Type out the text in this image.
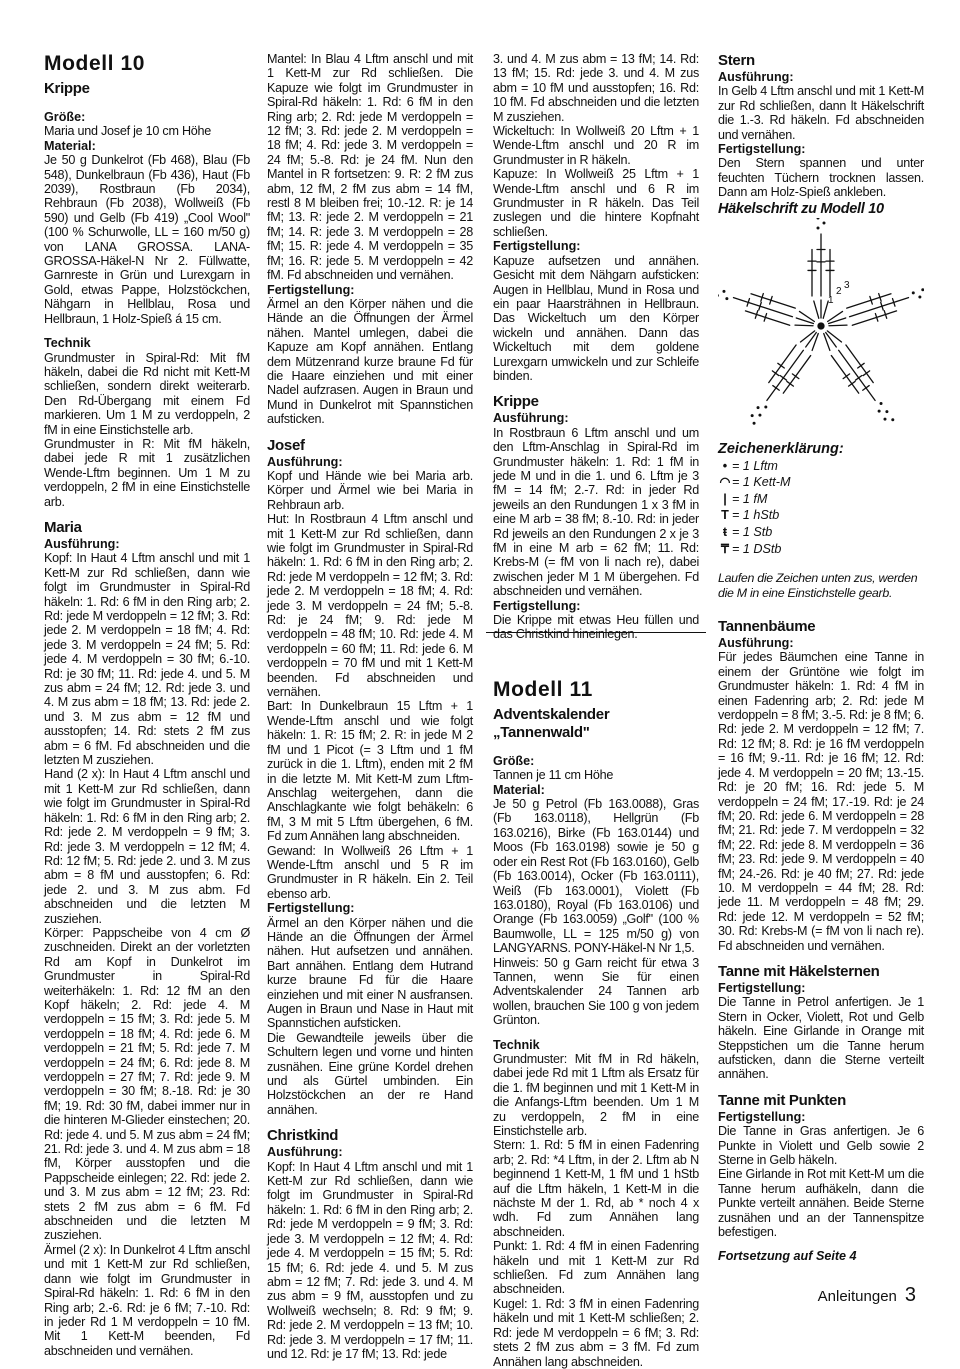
Modell 10
Krippe
Größe:

Maria und Josef je 10 cm Höhe

Material:

Je 50 g Dunkelrot (Fb 468), Blau (Fb 548), Dunkelbraun (Fb 436), Haut (Fb 2039), Rostbraun (Fb 2034), Rehbraun (Fb 2038), Wollweiß (Fb 590) und Gelb (Fb 419) „Cool Wool" (100 % Schurwolle, LL = 160 m/50 g) von LANA GROSSA. LANA-GROSSA-Häkel-N Nr 2. Füllwatte, Garnreste in Grün und Lurexgarn in Gold, etwas Pappe, Holzstöckchen, Nähgarn in Hellblau, Rosa und Hellbraun, 1 Holz-Spieß á 15 cm.

Technik

Grundmuster in Spiral-Rd: Mit fM häkeln, dabei die Rd nicht mit Kett-M schließen, sondern direkt weiterarb. Den Rd-Übergang mit einem Fd markieren. Um 1 M zu verdoppeln, 2 fM in eine Einstichstelle arb.
Grundmuster in R: Mit fM häkeln, dabei jede R mit 1 zusätzlichen Wende-Lftm beginnen. Um 1 M zu verdoppeln, 2 fM in eine Einstichstelle arb.

Maria
Ausführung:

Kopf: In Haut 4 Lftm anschl und mit 1 Kett-M zur Rd schließen, dann wie folgt im Grundmuster in Spiral-Rd häkeln: 1. Rd: 6 fM in den Ring arb; 2. Rd: jede M verdoppeln = 12 fM; 3. Rd: jede 2. M verdoppeln = 18 fM; 4. Rd: jede 3. M verdoppeln = 24 fM; 5. Rd: jede 4. M verdoppeln = 30 fM; 6.-10. Rd: je 30 fM; 11. Rd: jede 4. und 5. M zus abm = 24 fM; 12. Rd: jede 3. und 4. M zus abm = 18 fM; 13. Rd: jede 2. und 3. M zus abm = 12 fM und ausstopfen; 14. Rd: stets 2 fM zus abm = 6 fM. Fd abschneiden und die letzten M zusziehen.
Hand (2 x): In Haut 4 Lftm anschl und mit 1 Kett-M zur Rd schließen, dann wie folgt im Grundmuster in Spiral-Rd häkeln: 1. Rd: 6 fM in den Ring arb; 2. Rd: jede 2. M verdoppeln = 9 fM; 3. Rd: jede 3. M verdoppeln = 12 fM; 4. Rd: 12 fM; 5. Rd: jede 2. und 3. M zus abm = 8 fM und ausstopfen; 6. Rd: jede 2. und 3. M zus abm. Fd abschneiden und die letzten M zusziehen.
Körper: Pappscheibe von 4 cm Ø zuschneiden. Direkt an der vorletzten Rd am Kopf in Dunkelrot im Grundmuster in Spiral-Rd weiterhäkeln: 1. Rd: 12 fM an den Kopf häkeln; 2. Rd: jede 4. M verdoppeln = 15 fM; 3. Rd: jede 5. M verdoppeln = 18 fM; 4. Rd: jede 6. M verdoppeln = 21 fM; 5. Rd: jede 7. M verdoppeln = 24 fM; 6. Rd: jede 8. M verdoppeln = 27 fM; 7. Rd: jede 9. M verdoppeln = 30 fM; 8.-18. Rd: je 30 fM; 19. Rd: 30 fM, dabei immer nur in die hinteren M-Glieder einstechen; 20. Rd: jede 4. und 5. M zus abm = 24 fM; 21. Rd: jede 3. und 4. M zus abm = 18 fM, Körper ausstopfen und die Pappscheide einlegen; 22. Rd: jede 2. und 3. M zus abm = 12 fM; 23. Rd: stets 2 fM zus abm = 6 fM. Fd abschneiden und die letzten M zusziehen.
Ärmel (2 x): In Dunkelrot 4 Lftm anschl und mit 1 Kett-M zur Rd schließen, dann wie folgt im Grundmuster in Spiral-Rd häkeln: 1. Rd: 6 fM in den Ring arb; 2.-6. Rd: je 6 fM; 7.-10. Rd: in jeder Rd 1 M verdoppeln = 10 fM. Mit 1 Kett-M beenden, Fd abschneiden und vernähen.

Mantel: In Blau 4 Lftm anschl und mit 1 Kett-M zur Rd schließen. Die Kapuze wie folgt im Grundmuster in Spiral-Rd häkeln: 1. Rd: 6 fM in den Ring arb; 2. Rd: jede M verdoppeln = 12 fM; 3. Rd: jede 2. M verdoppeln = 18 fM; 4. Rd: jede 3. M verdoppeln = 24 fM; 5.-8. Rd: je 24 fM. Nun den Mantel in R fortsetzen: 9. R: 2 fM zus abm, 12 fM, 2 fM zus abm = 14 fM, restl 8 M bleiben frei; 10.-12. R: je 14 fM; 13. R: jede 2. M verdoppeln = 21 fM; 14. R: jede 3. M verdoppeln = 28 fM; 15. R: jede 4. M verdoppeln = 35 fM; 16. R: jede 5. M verdoppeln = 42 fM. Fd abschneiden und vernähen.

Fertigstellung:

Ärmel an den Körper nähen und die Hände an die Öffnungen der Ärmel nähen. Mantel umlegen, dabei die Kapuze am Kopf annähen. Entlang dem Mützenrand kurze braune Fd für die Haare einziehen und mit einer Nadel aufzrasen. Augen in Braun und Mund in Dunkelrot mit Spannstichen aufsticken.

Josef
Ausführung:

Kopf und Hände wie bei Maria arb. Körper und Ärmel wie bei Maria in Rehbraun arb.
Hut: In Rostbraun 4 Lftm anschl und mit 1 Kett-M zur Rd schließen, dann wie folgt im Grundmuster in Spiral-Rd häkeln: 1. Rd: 6 fM in den Ring arb; 2. Rd: jede M verdoppeln = 12 fM; 3. Rd: jede 2. M verdoppeln = 18 fM; 4. Rd: jede 3. M verdoppeln = 24 fM; 5.-8. Rd: je 24 fM; 9. Rd: jede M verdoppeln = 48 fM; 10. Rd: jede 4. M verdoppeln = 60 fM; 11. Rd: jede 6. M verdoppeln = 70 fM und mit 1 Kett-M beenden. Fd abschneiden und vernähen.
Bart: In Dunkelbraun 15 Lftm + 1 Wende-Lftm anschl und wie folgt häkeln: 1. R: 15 fM; 2. R: in jede M 2 fM und 1 Picot (= 3 Lftm und 1 fM zurück in die 1. Lftm), enden mit 2 fM in die letzte M. Mit Kett-M zum Lftm-Anschlag weitergehen, dann die Anschlagkante wie folgt behäkeln: 6 fM, 3 M mit 5 Lftm übergehen, 6 fM. Fd zum Annähen lang abschneiden.
Gewand: In Wollweiß 26 Lftm + 1 Wende-Lftm anschl und 5 R im Grundmuster in R häkeln. Ein 2. Teil ebenso arb.

Fertigstellung:

Ärmel an den Körper nähen und die Hände an die Öffnungen der Ärmel nähen. Hut aufsetzen und annähen. Bart annähen. Entlang dem Hutrand kurze braune Fd für die Haare einziehen und mit einer N ausfransen. Augen in Braun und Nase in Haut mit Spannstichen aufsticken.
Die Gewandteile jeweils über die Schultern legen und vorne und hinten zusnähen. Eine grüne Kordel drehen und als Gürtel umbinden. Ein Holzstöckchen an der re Hand annähen.

Christkind
Ausführung:

Kopf: In Haut 4 Lftm anschl und mit 1 Kett-M zur Rd schließen, dann wie folgt im Grundmuster in Spiral-Rd häkeln: 1. Rd: 6 fM in den Ring arb; 2. Rd: jede M verdoppeln = 9 fM; 3. Rd: jede 3. M verdoppeln = 12 fM; 4. Rd: jede 4. M verdoppeln = 15 fM; 5. Rd: 15 fM; 6. Rd: jede 4. und 5. M zus abm = 12 fM; 7. Rd: jede 3. und 4. M zus abm = 9 fM, ausstopfen und zu Wollweiß wechseln; 8. Rd: 9 fM; 9. Rd: jede 2. M verdoppeln = 13 fM; 10. Rd: jede 3. M verdoppeln = 17 fM; 11. und 12. Rd: je 17 fM; 13. Rd: jede

3. und 4. M zus abm = 13 fM; 14. Rd: 13 fM; 15. Rd: jede 3. und 4. M zus abm = 10 fM und ausstopfen; 16. Rd: 10 fM. Fd abschneiden und die letzten M zusziehen.
Wickeltuch: In Wollweiß 20 Lftm + 1 Wende-Lftm anschl und 20 R im Grundmuster in R häkeln.
Kapuze: In Wollweiß 25 Lftm + 1 Wende-Lftm anschl und 6 R im Grundmuster in R häkeln. Das Teil zuslegen und die hintere Kopfnaht schließen.

Fertigstellung:

Kapuze aufsetzen und annähen. Gesicht mit dem Nähgarn aufsticken: Augen in Hellblau, Mund in Rosa und ein paar Haarsträhnen in Hellbraun. Das Wickeltuch um den Körper wickeln und annähen. Dann das Wickeltuch mit dem goldene Lurexgarn umwickeln und zur Schleife binden.

Krippe
Ausführung:

In Rostbraun 6 Lftm anschl und um den Lftm-Anschlag in Spiral-Rd im Grundmuster häkeln: 1. Rd: 1 fM in jede M und in die 1. und 6. Lftm je 3 fM = 14 fM; 2.-7. Rd: in jeder Rd jeweils an den Rundungen 1 x 3 fM in eine M arb = 38 fM; 8.-10. Rd: in jeder Rd jeweils an den Rundungen 2 x je 3 fM in eine M arb = 62 fM; 11. Rd: Krebs-M (= fM von li nach re), dabei zwischen jeder M 1 M übergehen. Fd abschneiden und vernähen.

Fertigstellung:

Die Krippe mit etwas Heu füllen und das Christkind hineinlegen.

Modell 11
Adventskalender „Tannenwald"
Größe:

Tannen je 11 cm Höhe

Material:

Je 50 g Petrol (Fb 163.0088), Gras (Fb 163.0118), Hellgrün (Fb 163.0216), Birke (Fb 163.0144) und Moos (Fb 163.0198) sowie je 50 g oder ein Rest Rot (Fb 163.0160), Gelb (Fb 163.0014), Ocker (Fb 163.0111), Weiß (Fb 163.0001), Violett (Fb 163.0180), Royal (Fb 163.0106) und Orange (Fb 163.0059) „Golf" (100 % Baumwolle, LL = 125 m/50 g) von LANGYARNS. PONY-Häkel-N Nr 1,5.

Hinweis: 50 g Garn reicht für etwa 3 Tannen, wenn Sie für einen Adventskalender 24 Tannen arb wollen, brauchen Sie 100 g von jedem Grünton.

Technik

Grundmuster: Mit fM in Rd häkeln, dabei jede Rd mit 1 Lftm als Ersatz für die 1. fM beginnen und mit 1 Kett-M in die Anfangs-Lftm beenden. Um 1 M zu verdoppeln, 2 fM in eine Einstichstelle arb.
Stern: 1. Rd: 5 fM in einen Fadenring arb; 2. Rd: *4 Lftm, in der 2. Lftm ab N beginnend 1 Kett-M, 1 fM und 1 hStb auf die Lftm häkeln, 1 Kett-M in die nächste M der 1. Rd, ab * noch 4 x wdh. Fd zum Annähen lang abschneiden.
Punkt: 1. Rd: 4 fM in einen Fadenring häkeln und mit 1 Kett-M zur Rd schließen. Fd zum Annähen lang abschneiden.
Kugel: 1. Rd: 3 fM in einen Fadenring häkeln und mit 1 Kett-M schließen; 2. Rd: jede M verdoppeln = 6 fM; 3. Rd: stets 2 fM zus abm = 3 fM. Fd zum Annähen lang abschneiden.

Stern
Ausführung:

In Gelb 4 Lftm anschl und mit 1 Kett-M zur Rd schließen, dann lt Häkelschrift die 1.-3. Rd häkeln. Fd abschneiden und vernähen.

Fertigstellung:

Den Stern spannen und unter feuchten Tüchern trocknen lassen. Dann am Holz-Spieß ankleben.

Häkelschrift zu Modell 10
1
2
3
Zeichenerklärung:
• = 1 Lftm
◠ = 1 Kett-M
| = 1 fM
T = 1 hStb
ŧ = 1 Stb
₸ = 1 DStb

Laufen die Zeichen unten zus, werden die M in eine Einstichstelle gearb.

Tannenbäume
Ausführung:

Für jedes Bäumchen eine Tanne in einem der Grüntöne wie folgt im Grundmuster häkeln: 1. Rd: 4 fM in einen Fadenring arb; 2. Rd: jede M verdoppeln = 8 fM; 3.-5. Rd: je 8 fM; 6. Rd: jede 2. M verdoppeln = 12 fM; 7. Rd: 12 fM; 8. Rd: je 16 fM verdoppeln = 16 fM; 9.-11. Rd: je 16 fM; 12. Rd: jede 4. M verdoppeln = 20 fM; 13.-15. Rd: je 20 fM; 16. Rd: jede 5. M verdoppeln = 24 fM; 17.-19. Rd: je 24 fM; 20. Rd: jede 6. M verdoppeln = 28 fM; 21. Rd: jede 7. M verdoppeln = 32 fM; 22. Rd: jede 8. M verdoppeln = 36 fM; 23. Rd: jede 9. M verdoppeln = 40 fM; 24.-26. Rd: je 40 fM; 27. Rd: jede 10. M verdoppeln = 44 fM; 28. Rd: jede 11. M verdoppeln = 48 fM; 29. Rd: jede 12. M verdoppeln = 52 fM; 30. Rd: Krebs-M (= fM von li nach re). Fd abschneiden und vernähen.

Tanne mit Häkelsternen
Fertigstellung:

Die Tanne in Petrol anfertigen. Je 1 Stern in Ocker, Violett, Rot und Gelb häkeln. Eine Girlande in Orange mit Steppstichen um die Tanne herum aufsticken, dann die Sterne verteilt annähen.

Tanne mit Punkten
Fertigstellung:

Die Tanne in Gras anfertigen. Je 6 Punkte in Violett und Gelb sowie 2 Sterne in Gelb häkeln.
Eine Girlande in Rot mit Kett-M um die Tanne herum aufhäkeln, dann die Punkte verteilt annähen. Beide Sterne zusnähen und an der Tannenspitze befestigen.

Fortsetzung auf Seite 4
Anleitungen 3
